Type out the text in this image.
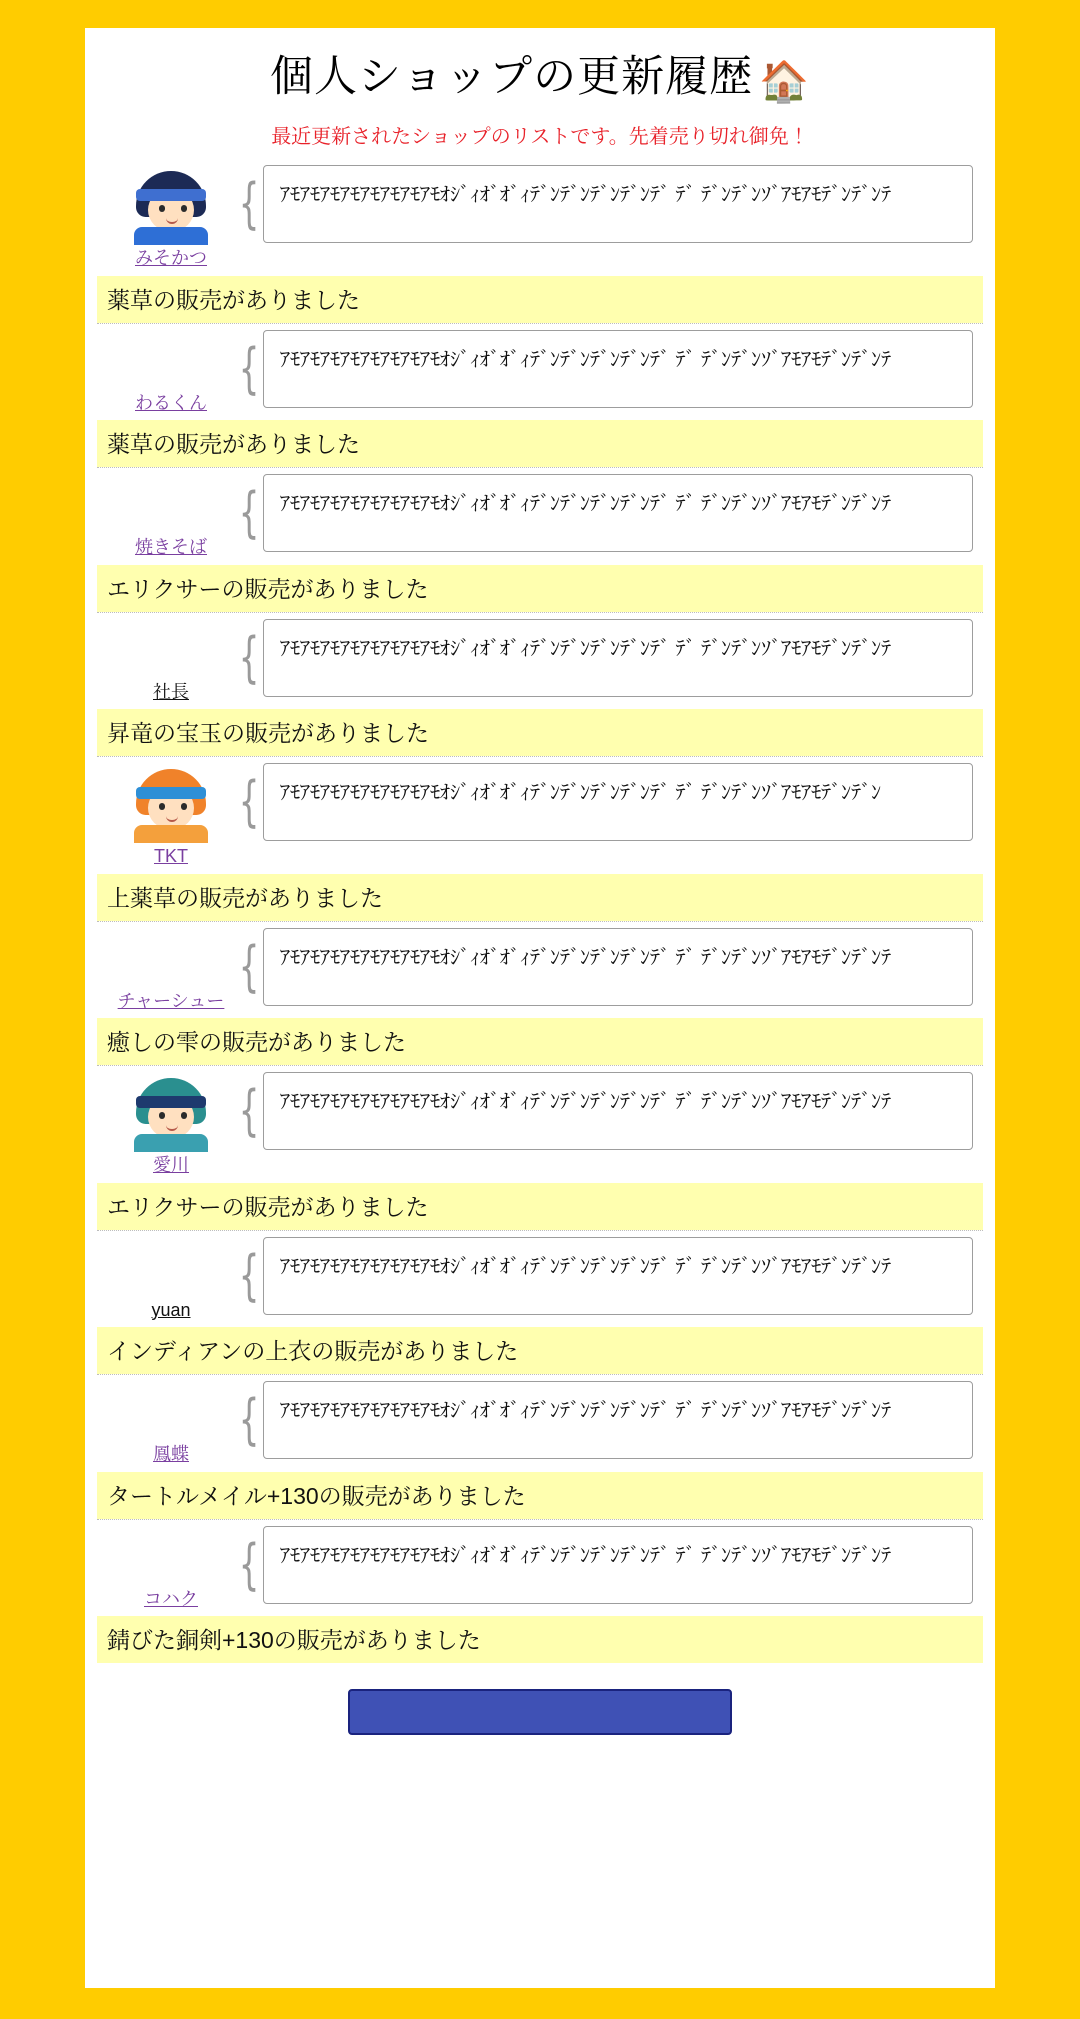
個人ショップの更新履歴 🏠
最近更新されたショップのリストです。先着売り切れ御免！
みそかつ
{	ｱﾓｱﾓｱﾓｱﾓｱﾓｱﾓｱﾓｱﾓｵｼﾞｨｵﾞｵﾞｨﾃﾞﾝﾃﾞﾝﾃﾞﾝﾃﾞﾝﾃﾞ ﾃﾞ ﾃﾞﾝﾃﾞﾝｿﾞｱﾓｱﾓﾃﾞﾝﾃﾞﾝﾃ
薬草の販売がありました
わるくん
{	ｱﾓｱﾓｱﾓｱﾓｱﾓｱﾓｱﾓｱﾓｵｼﾞｨｵﾞｵﾞｨﾃﾞﾝﾃﾞﾝﾃﾞﾝﾃﾞﾝﾃﾞ ﾃﾞ ﾃﾞﾝﾃﾞﾝｿﾞｱﾓｱﾓﾃﾞﾝﾃﾞﾝﾃ
薬草の販売がありました
焼きそば
{	ｱﾓｱﾓｱﾓｱﾓｱﾓｱﾓｱﾓｱﾓｵｼﾞｨｵﾞｵﾞｨﾃﾞﾝﾃﾞﾝﾃﾞﾝﾃﾞﾝﾃﾞ ﾃﾞ ﾃﾞﾝﾃﾞﾝｿﾞｱﾓｱﾓﾃﾞﾝﾃﾞﾝﾃ
エリクサーの販売がありました
社長
{	ｱﾓｱﾓｱﾓｱﾓｱﾓｱﾓｱﾓｱﾓｵｼﾞｨｵﾞｵﾞｨﾃﾞﾝﾃﾞﾝﾃﾞﾝﾃﾞﾝﾃﾞ ﾃﾞ ﾃﾞﾝﾃﾞﾝｿﾞｱﾓｱﾓﾃﾞﾝﾃﾞﾝﾃ
昇竜の宝玉の販売がありました
TKT
{	ｱﾓｱﾓｱﾓｱﾓｱﾓｱﾓｱﾓｱﾓｵｼﾞｨｵﾞｵﾞｨﾃﾞﾝﾃﾞﾝﾃﾞﾝﾃﾞﾝﾃﾞ ﾃﾞ ﾃﾞﾝﾃﾞﾝｿﾞｱﾓｱﾓﾃﾞﾝﾃﾞﾝ
上薬草の販売がありました
チャーシュー
{	ｱﾓｱﾓｱﾓｱﾓｱﾓｱﾓｱﾓｱﾓｵｼﾞｨｵﾞｵﾞｨﾃﾞﾝﾃﾞﾝﾃﾞﾝﾃﾞﾝﾃﾞ ﾃﾞ ﾃﾞﾝﾃﾞﾝｿﾞｱﾓｱﾓﾃﾞﾝﾃﾞﾝﾃ
癒しの雫の販売がありました
愛川
{	ｱﾓｱﾓｱﾓｱﾓｱﾓｱﾓｱﾓｱﾓｵｼﾞｨｵﾞｵﾞｨﾃﾞﾝﾃﾞﾝﾃﾞﾝﾃﾞﾝﾃﾞ ﾃﾞ ﾃﾞﾝﾃﾞﾝｿﾞｱﾓｱﾓﾃﾞﾝﾃﾞﾝﾃ
エリクサーの販売がありました
yuan
{	ｱﾓｱﾓｱﾓｱﾓｱﾓｱﾓｱﾓｱﾓｵｼﾞｨｵﾞｵﾞｨﾃﾞﾝﾃﾞﾝﾃﾞﾝﾃﾞﾝﾃﾞ ﾃﾞ ﾃﾞﾝﾃﾞﾝｿﾞｱﾓｱﾓﾃﾞﾝﾃﾞﾝﾃ
インディアンの上衣の販売がありました
鳳蝶
{	ｱﾓｱﾓｱﾓｱﾓｱﾓｱﾓｱﾓｱﾓｵｼﾞｨｵﾞｵﾞｨﾃﾞﾝﾃﾞﾝﾃﾞﾝﾃﾞﾝﾃﾞ ﾃﾞ ﾃﾞﾝﾃﾞﾝｿﾞｱﾓｱﾓﾃﾞﾝﾃﾞﾝﾃ
タートルメイル+130の販売がありました
コハク
{	ｱﾓｱﾓｱﾓｱﾓｱﾓｱﾓｱﾓｱﾓｵｼﾞｨｵﾞｵﾞｨﾃﾞﾝﾃﾞﾝﾃﾞﾝﾃﾞﾝﾃﾞ ﾃﾞ ﾃﾞﾝﾃﾞﾝｿﾞｱﾓｱﾓﾃﾞﾝﾃﾞﾝﾃ
錆びた銅剣+130の販売がありました
